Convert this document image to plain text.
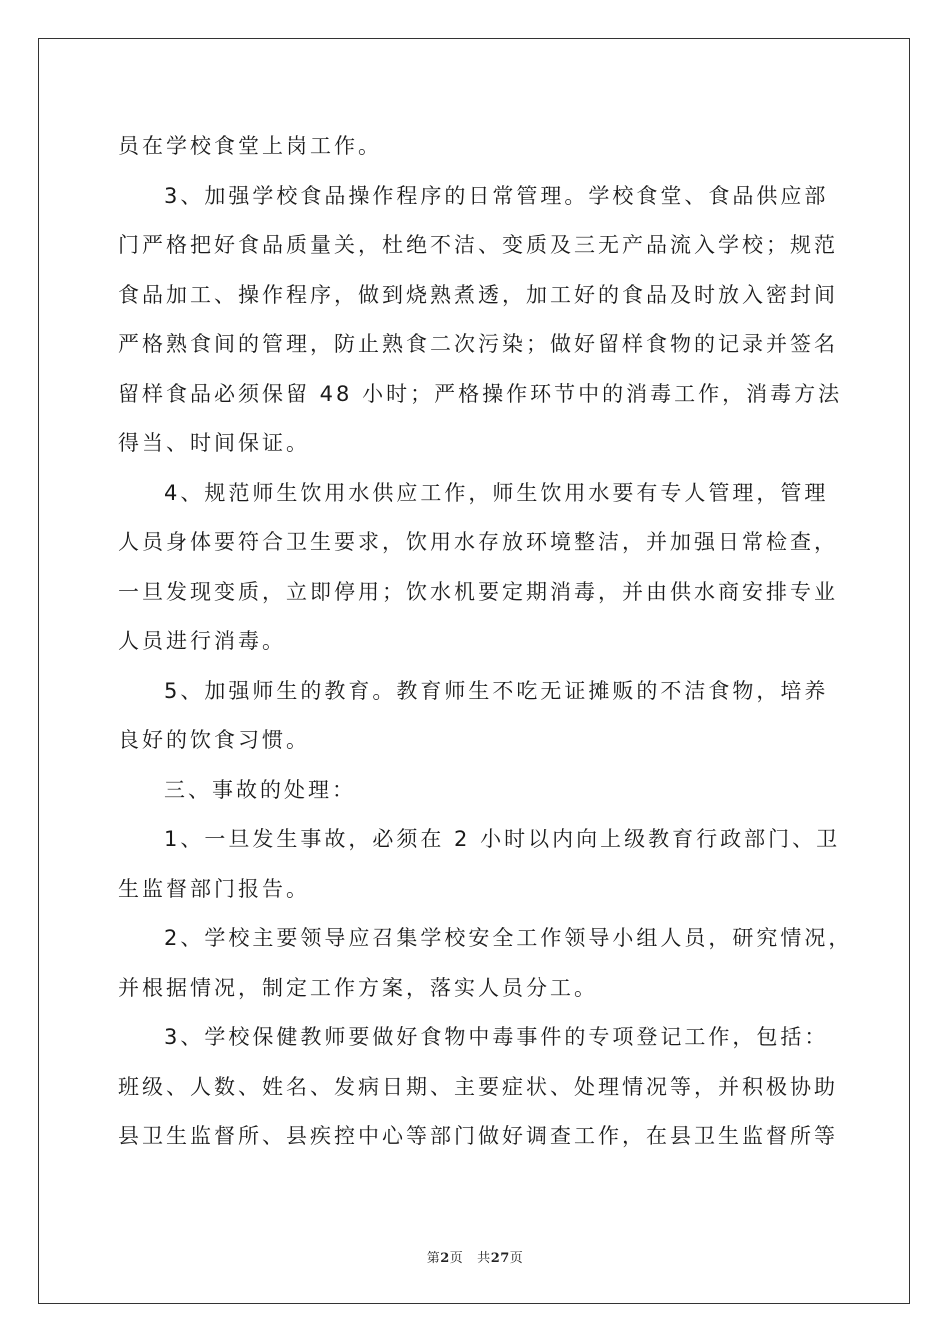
员在学校食堂上岗工作。
3、加强学校食品操作程序的日常管理。学校食堂、食品供应部
门严格把好食品质量关，杜绝不洁、变质及三无产品流入学校；规范
食品加工、操作程序，做到烧熟煮透，加工好的食品及时放入密封间
严格熟食间的管理，防止熟食二次污染；做好留样食物的记录并签名
留样食品必须保留 48 小时；严格操作环节中的消毒工作，消毒方法
得当、时间保证。
4、规范师生饮用水供应工作，师生饮用水要有专人管理，管理
人员身体要符合卫生要求，饮用水存放环境整洁，并加强日常检查，
一旦发现变质，立即停用；饮水机要定期消毒，并由供水商安排专业
人员进行消毒。
5、加强师生的教育。教育师生不吃无证摊贩的不洁食物，培养
良好的饮食习惯。
三、事故的处理：
1、一旦发生事故，必须在 2 小时以内向上级教育行政部门、卫
生监督部门报告。
2、学校主要领导应召集学校安全工作领导小组人员，研究情况，
并根据情况，制定工作方案，落实人员分工。
3、学校保健教师要做好食物中毒事件的专项登记工作，包括：
班级、人数、姓名、发病日期、主要症状、处理情况等，并积极协助
县卫生监督所、县疾控中心等部门做好调查工作，在县卫生监督所等
第2页 共27页
